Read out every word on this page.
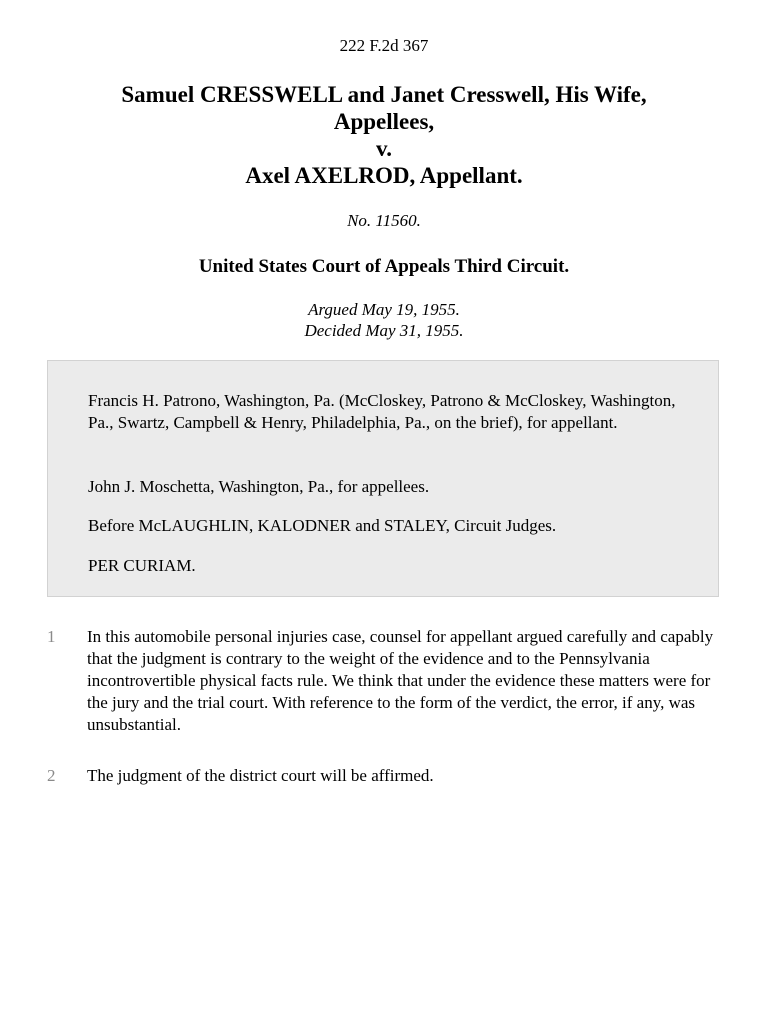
222 F.2d 367
Samuel CRESSWELL and Janet Cresswell, His Wife,
Appellees,
v.
Axel AXELROD, Appellant.
No. 11560.
United States Court of Appeals Third Circuit.
Argued May 19, 1955.
Decided May 31, 1955.

Francis H. Patrono, Washington, Pa. (McCloskey, Patrono & McCloskey, Washington, Pa., Swartz, Campbell & Henry, Philadelphia, Pa., on the brief), for appellant.

John J. Moschetta, Washington, Pa., for appellees.

Before McLAUGHLIN, KALODNER and STALEY, Circuit Judges.

PER CURIAM.

1 In this automobile personal injuries case, counsel for appellant argued carefully and capably that the judgment is contrary to the weight of the evidence and to the Pennsylvania incontrovertible physical facts rule. We think that under the evidence these matters were for the jury and the trial court. With reference to the form of the verdict, the error, if any, was unsubstantial.

2 The judgment of the district court will be affirmed.
